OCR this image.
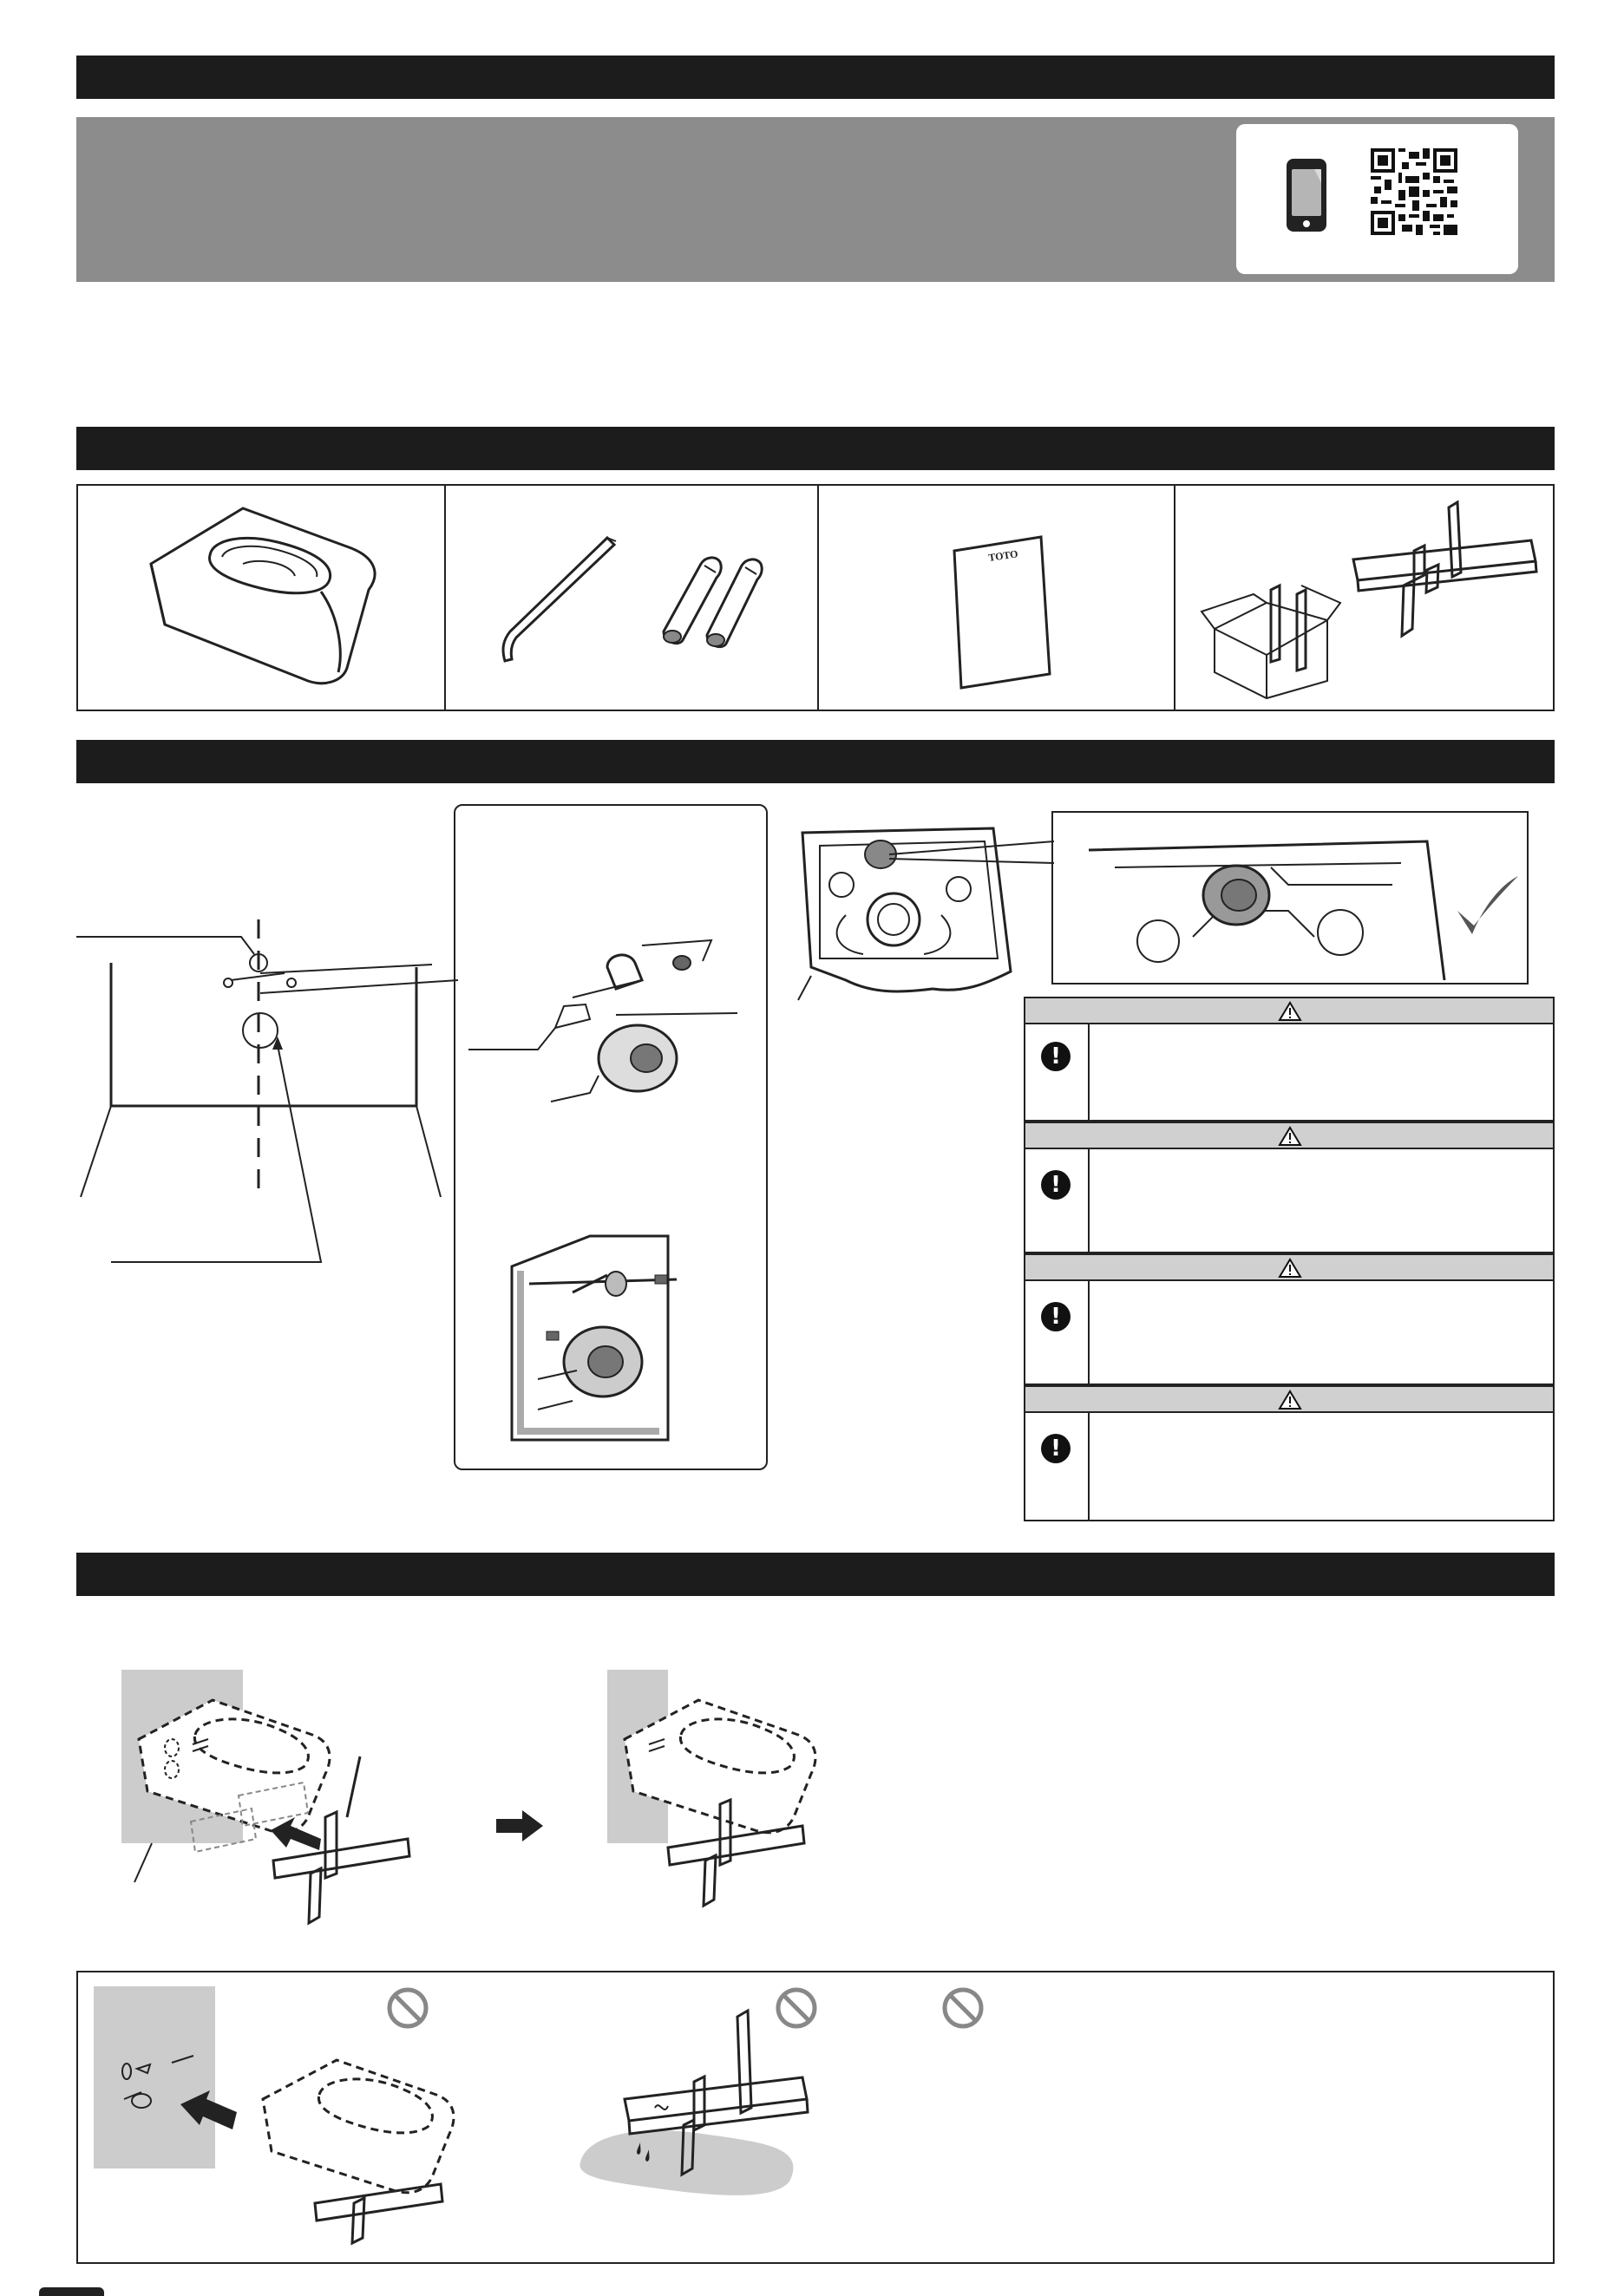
TOTO
!
!
!
!
